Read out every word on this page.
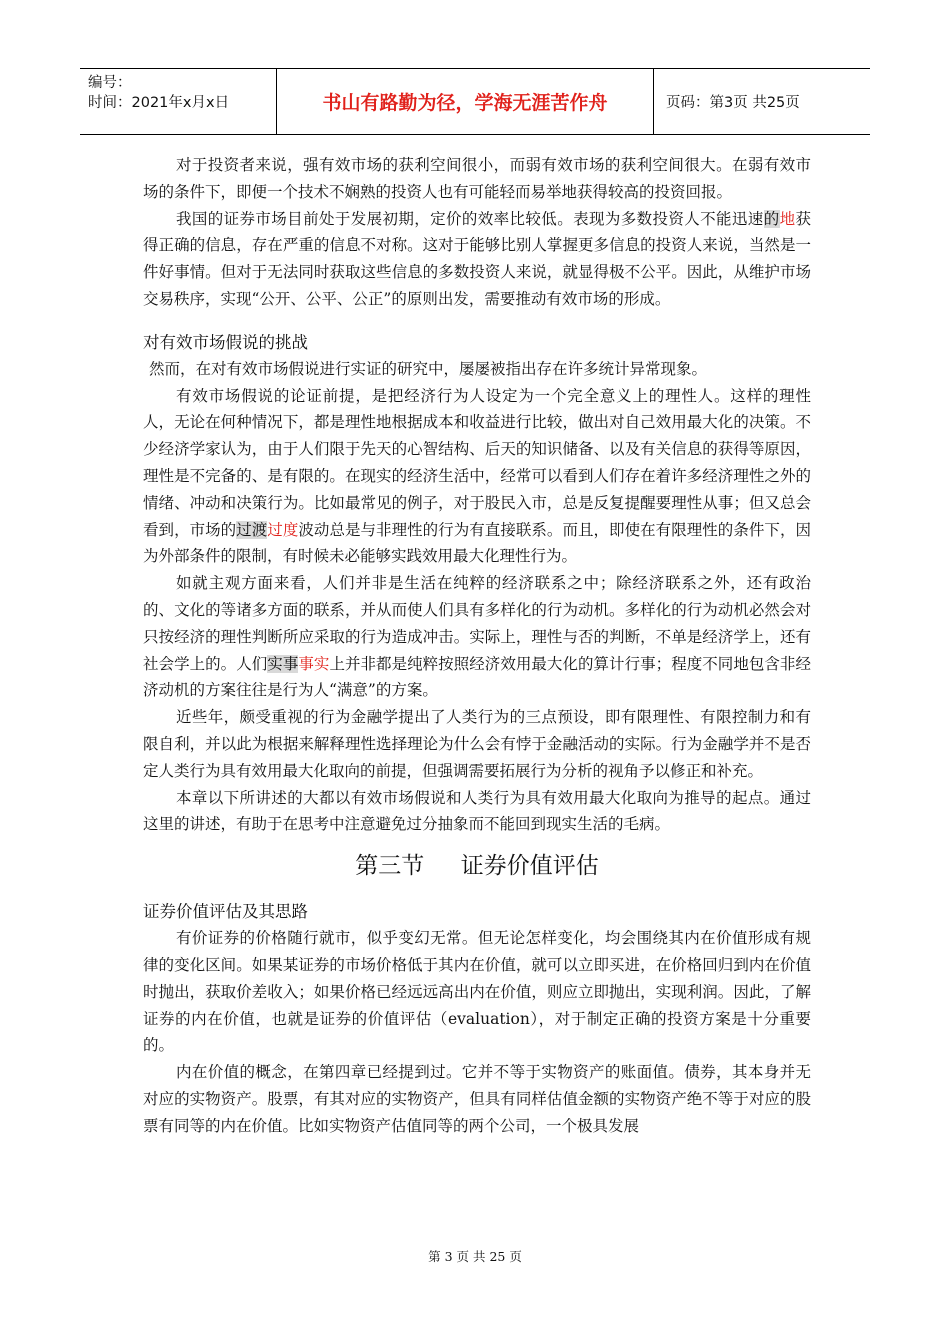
编号：
时间：2021年x月x日	书山有路勤为径，学海无涯苦作舟	页码：第3页 共25页

对于投资者来说，强有效市场的获利空间很小，而弱有效市场的获利空间很大。在弱有效市场的条件下，即便一个技术不娴熟的投资人也有可能轻而易举地获得较高的投资回报。

我国的证券市场目前处于发展初期，定价的效率比较低。表现为多数投资人不能迅速的地获得正确的信息，存在严重的信息不对称。这对于能够比别人掌握更多信息的投资人来说，当然是一件好事情。但对于无法同时获取这些信息的多数投资人来说，就显得极不公平。因此，从维护市场交易秩序，实现“公开、公平、公正”的原则出发，需要推动有效市场的形成。

对有效市场假说的挑战

然而，在对有效市场假说进行实证的研究中，屡屡被指出存在许多统计异常现象。

有效市场假说的论证前提，是把经济行为人设定为一个完全意义上的理性人。这样的理性人，无论在何种情况下，都是理性地根据成本和收益进行比较，做出对自己效用最大化的决策。不少经济学家认为，由于人们限于先天的心智结构、后天的知识储备、以及有关信息的获得等原因，理性是不完备的、是有限的。在现实的经济生活中，经常可以看到人们存在着许多经济理性之外的情绪、冲动和决策行为。比如最常见的例子，对于股民入市，总是反复提醒要理性从事；但又总会看到，市场的过渡过度波动总是与非理性的行为有直接联系。而且，即使在有限理性的条件下，因为外部条件的限制，有时候未必能够实践效用最大化理性行为。

如就主观方面来看，人们并非是生活在纯粹的经济联系之中；除经济联系之外，还有政治的、文化的等诸多方面的联系，并从而使人们具有多样化的行为动机。多样化的行为动机必然会对只按经济的理性判断所应采取的行为造成冲击。实际上，理性与否的判断，不单是经济学上，还有社会学上的。人们实事事实上并非都是纯粹按照经济效用最大化的算计行事；程度不同地包含非经济动机的方案往往是行为人“满意”的方案。

近些年，颇受重视的行为金融学提出了人类行为的三点预设，即有限理性、有限控制力和有限自利，并以此为根据来解释理性选择理论为什么会有悖于金融活动的实际。行为金融学并不是否定人类行为具有效用最大化取向的前提，但强调需要拓展行为分析的视角予以修正和补充。

本章以下所讲述的大都以有效市场假说和人类行为具有效用最大化取向为推导的起点。通过这里的讲述，有助于在思考中注意避免过分抽象而不能回到现实生活的毛病。

第三节     证券价值评估
证券价值评估及其思路

有价证券的价格随行就市，似乎变幻无常。但无论怎样变化，均会围绕其内在价值形成有规律的变化区间。如果某证券的市场价格低于其内在价值，就可以立即买进，在价格回归到内在价值时抛出，获取价差收入；如果价格已经远远高出内在价值，则应立即抛出，实现利润。因此，了解证券的内在价值，也就是证券的价值评估（evaluation），对于制定正确的投资方案是十分重要的。

内在价值的概念，在第四章已经提到过。它并不等于实物资产的账面值。债券，其本身并无对应的实物资产。股票，有其对应的实物资产，但具有同样估值金额的实物资产绝不等于对应的股票有同等的内在价值。比如实物资产估值同等的两个公司，一个极具发展

第 3 页 共 25 页
